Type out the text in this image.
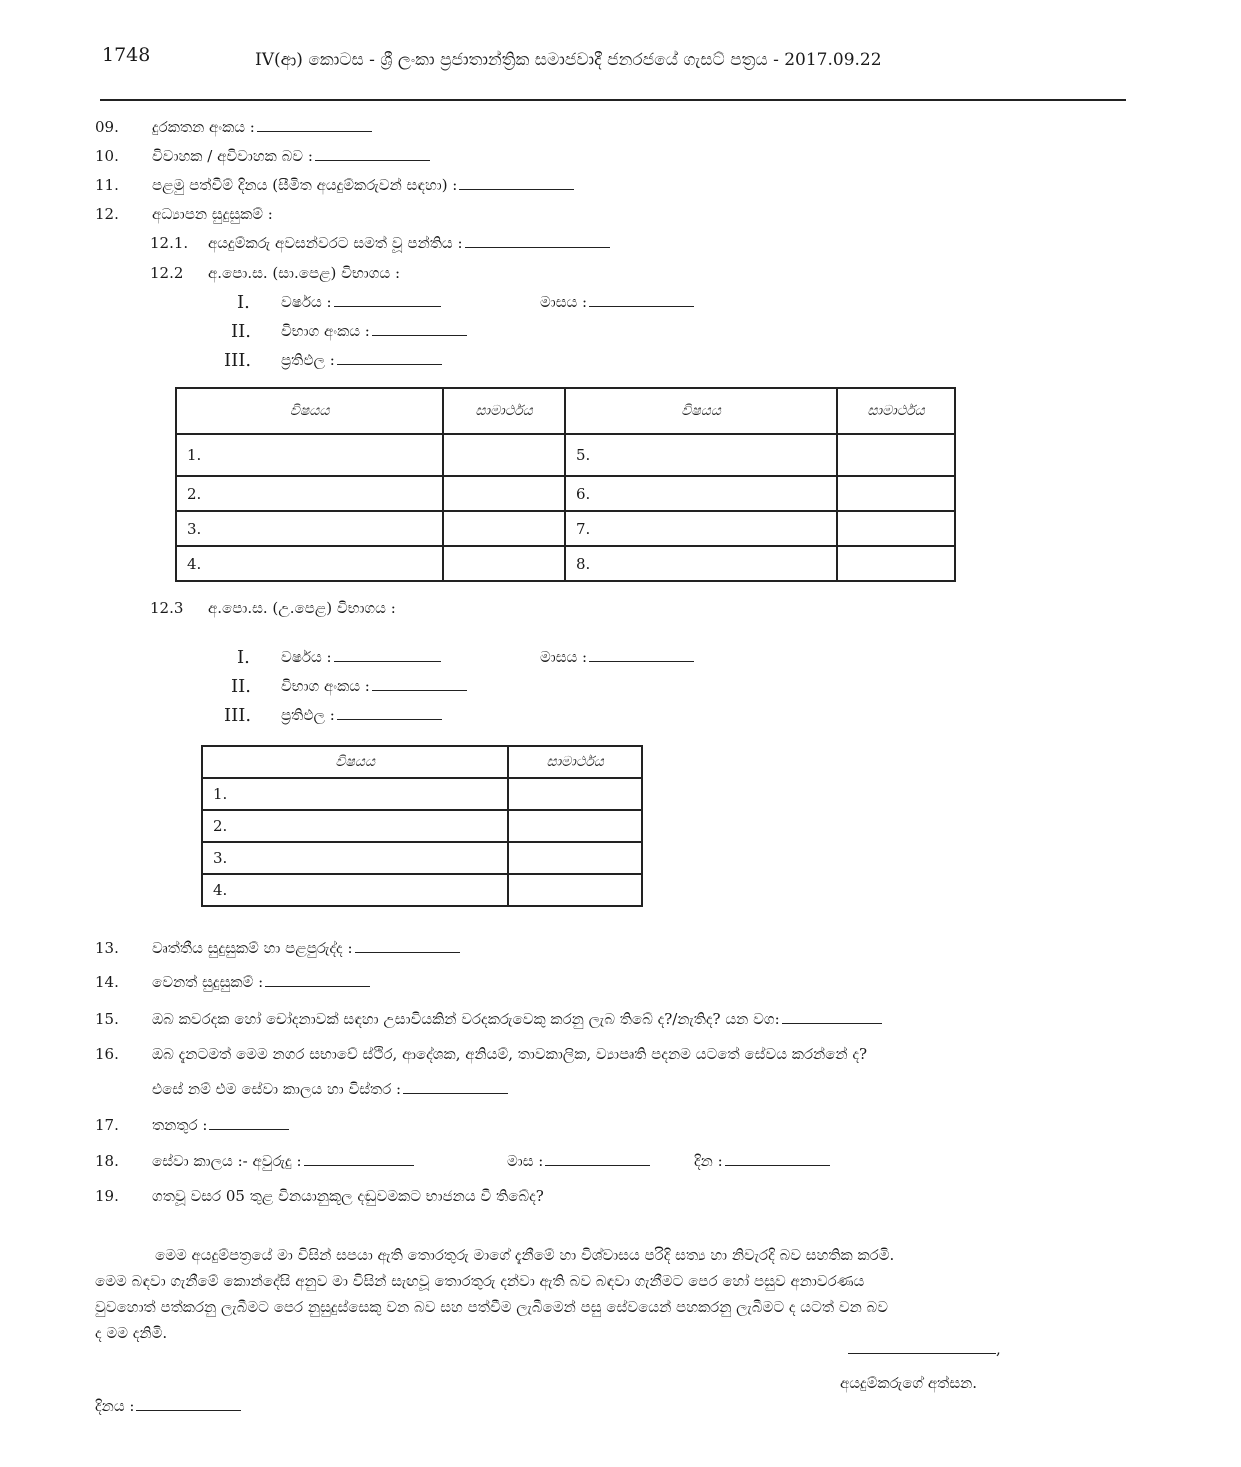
1748	IV(ආ) කොටස - ශ්‍රී ලංකා ප්‍රජාතාන්ත්‍රික සමාජවාදී ජනරජයේ ගැසට් පත්‍රය - 2017.09.22
09. දුරකතන අංකය :
10. විවාහක / අවිවාහක බව :
11. පළමු පත්වීම් දිනය (සීමිත අයදුම්කරුවන් සඳහා) :
12. අධ්‍යාපන සුදුසුකම් :
12.1. අයදුම්කරු අවසන්වරට සමත් වූ පන්තිය :
12.2 අ.පො.ස. (සා.පෙළ) විභාගය :
I. වර්ෂය :	මාසය :
II. විභාග අංකය :
III. ප්‍රතිඵල :
විෂයය	සාමාර්ථය	විෂයය	සාමාර්ථය
1.		5.	
2.		6.	
3.		7.	
4.		8.	
12.3 අ.පො.ස. (උ.පෙළ) විභාගය :
I. වර්ෂය :	මාසය :
II. විභාග අංකය :
III. ප්‍රතිඵල :
විෂයය	සාමාර්ථය
1.	
2.	
3.	
4.	
13. වෘත්තීය සුදුසුකම් හා පළපුරුද්ද :
14. වෙනත් සුදුසුකම් :
15. ඔබ කවරදක හෝ චෝදනාවක් සඳහා උසාවියකින් වරදකරුවෙකු කරනු ලැබ තිබේ ද?/නැතිද? යන වග:
16. ඔබ දැනටමත් මෙම නගර සභාවේ ස්ථිර, ආදේශක, අනියම්, තාවකාලික, ව්‍යාපෘති පදනම යටතේ සේවය කරන්නේ ද?
එසේ නම් එම සේවා කාලය හා විස්තර :
17. තනතුර :
18. සේවා කාලය :- අවුරුදු :	මාස :	දින :
19. ගතවූ වසර 05 තුළ විනයානුකූල දඬුවමකට භාජනය වී තිබේද?
මෙම අයදුම්පත්‍රයේ මා විසින් සපයා ඇති තොරතුරු මාගේ දැනීමේ හා විශ්වාසය පරිදි සත්‍ය හා නිවැරදි බව සහතික කරමි.
මෙම බඳවා ගැනීමේ කොන්දේසි අනුව මා විසින් සැඟවූ තොරතුරු දන්වා ඇති බව බඳවා ගැනීමට පෙර හෝ පසුව අනාවරණය
වුවහොත් පත්කරනු ලැබීමට පෙර නුසුදුස්සෙකු වන බව සහ පත්වීම ලැබීමෙන් පසු සේවයෙන් පහකරනු ලැබීමට ද යටත් වන බව
ද මම දනිමි.
,
අයදුම්කරුගේ අත්සන.
දිනය :
